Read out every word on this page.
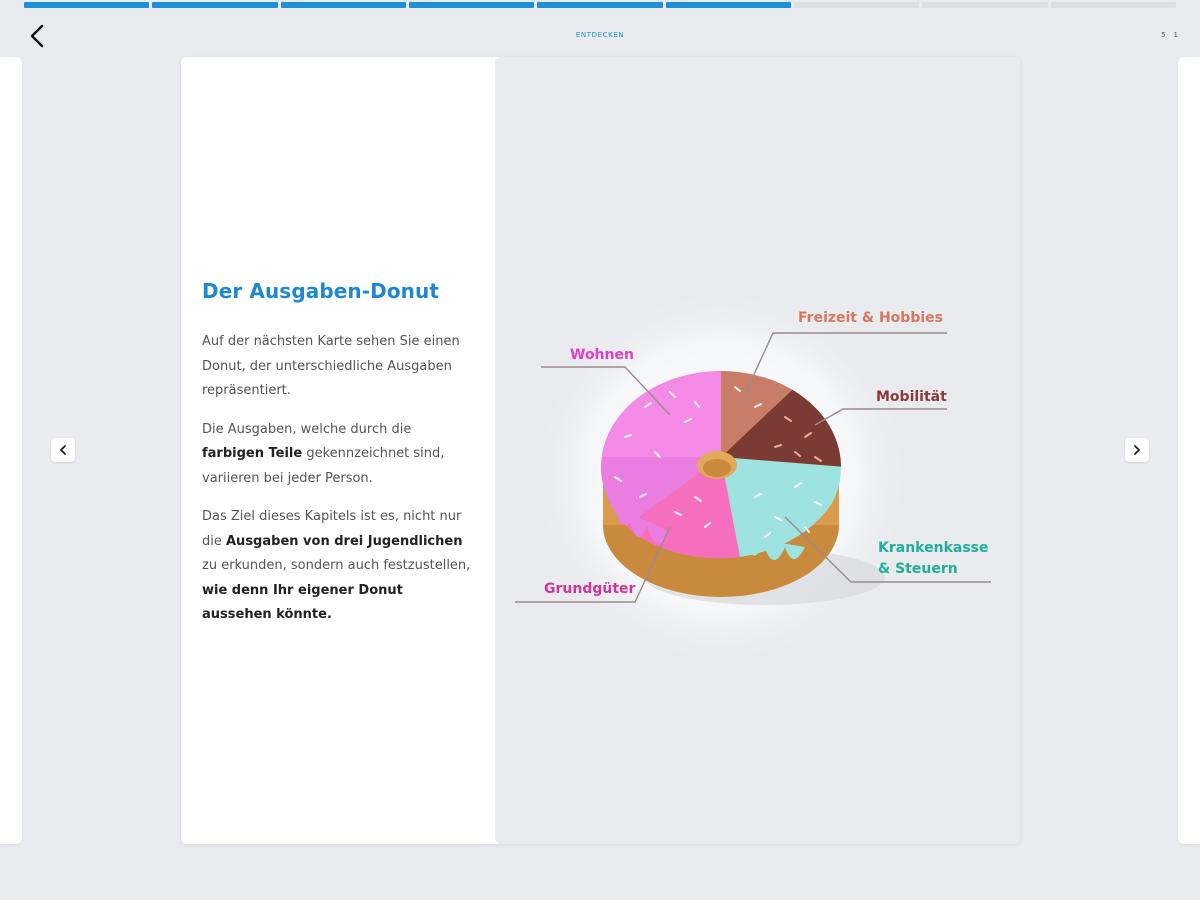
ENTDECKEN	5 1
Der Ausgaben-Donut

Auf der nächsten Karte sehen Sie einen Donut, der unterschiedliche Ausgaben repräsentiert.

Die Ausgaben, welche durch die farbigen Teile gekennzeichnet sind, variieren bei jeder Person.

Das Ziel dieses Kapitels ist es, nicht nur die Ausgaben von drei Jugendlichen zu erkunden, sondern auch festzustellen, wie denn Ihr eigener Donut aussehen könnte.

Wohnen
Freizeit & Hobbies
Mobilität
Krankenkasse
& Steuern
Grundgüter
